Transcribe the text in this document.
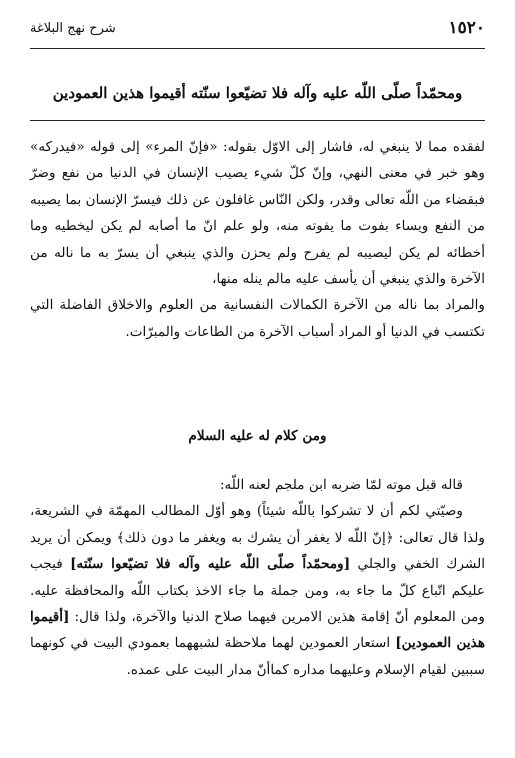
١٥٢٠
شرح نهج البلاغة
ومحمّداً صلّى اللّه عليه وآله فلا تضيّعوا سنّته أقيموا هذين العمودين

لفقده مما لا ينبغي له، فاشار إلى الاوّل بقوله: «فإنّ المرء» إلى قوله «فيدركه» وهو خبر في معنى النهي، وإنّ كلّ شيء يصيب الإنسان في الدنيا من نفع وضرّ فبقضاء من اللّه تعالى وقدر، ولكن النّاس غافلون عن ذلك فيسرّ الإنسان بما يصيبه من النفع ويساء بفوت ما يفوته منه، ولو علم انّ ما أصابه لم يكن ليخطيه وما أخطائه لم يكن ليصيبه لم يفرح ولم يحزن والذي ينبغي أن يسرّ به ما ناله من الآخرة والذي ينبغي أن يأسف عليه مالم ينله منها،

والمراد بما ناله من الآخرة الكمالات النفسانية من العلوم والاخلاق الفاضلة التي تكتسب في الدنيا أو المراد أسباب الآخرة من الطاعات والمبرّات.

ومن كلام له عليه السلام

قاله قبل موته لمّا ضربه ابن ملجم لعنه اللّه:

وصيّتي لكم أن لا تشركوا باللّه شيئاً) وهو أوّل المطالب المهمّة في الشريعة، ولذا قال تعالى: ﴿إنّ اللّه لا يغفر أن يشرك به ويغفر ما دون ذلك﴾ ويمكن أن يريد الشرك الخفي والجلي [ومحمّداً صلّى اللّه عليه وآله فلا تضيّعوا سنّته] فيجب عليكم اتّباع كلّ ما جاء به، ومن جملة ما جاء الاخذ بكتاب اللّه والمحافظة عليه. ومن المعلوم أنّ إقامة هذين الامرين فيهما صلاح الدنيا والآخرة، ولذا قال: [أقيموا هذين العمودين] استعار العمودين لهما ملاحظة لشبههما بعمودي البيت في كونهما سببين لقيام الإسلام وعليهما مداره كماأنّ مدار البيت على عمده.
